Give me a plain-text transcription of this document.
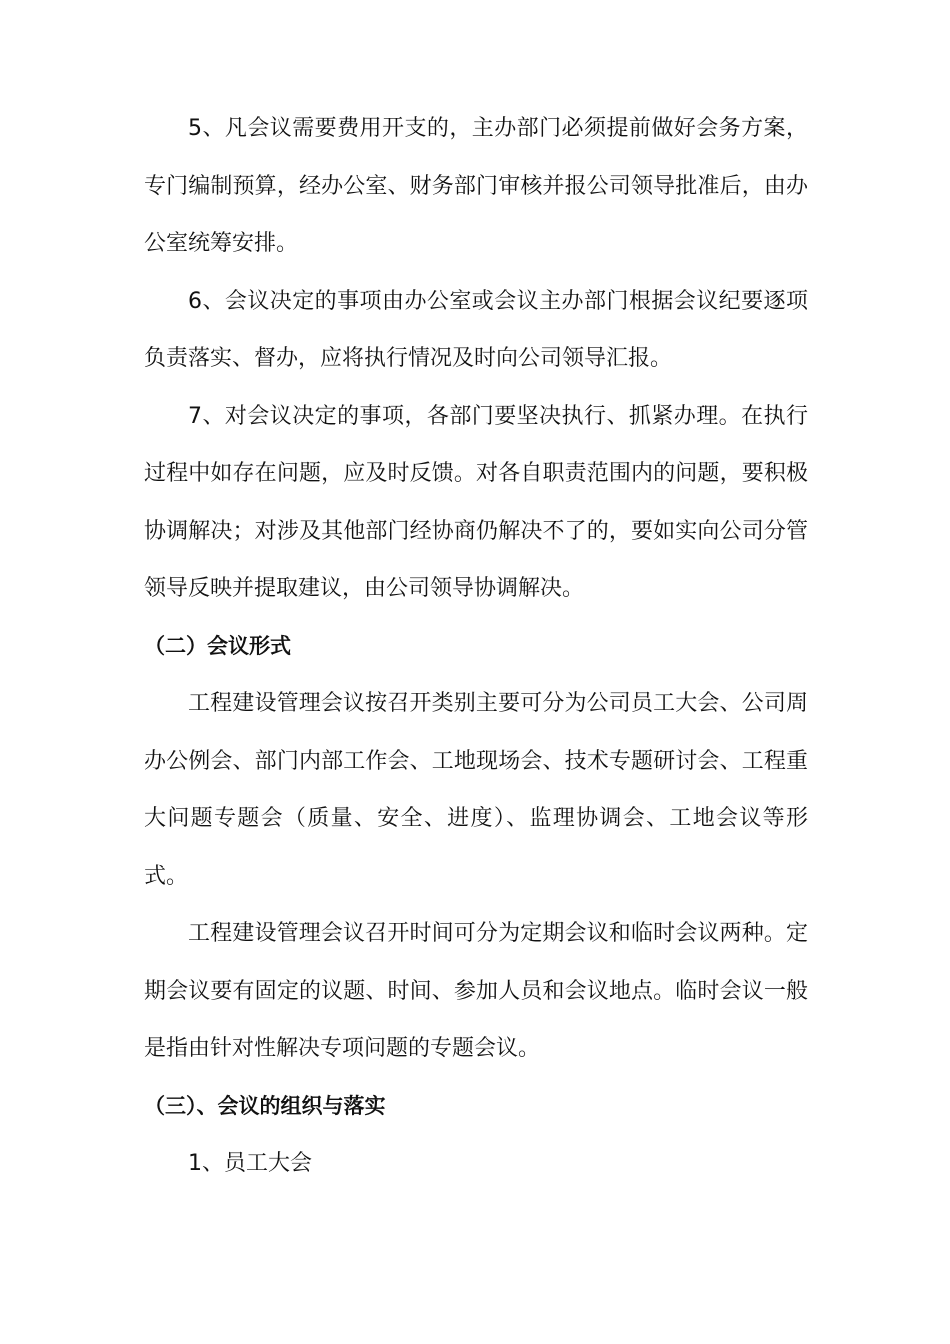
5、凡会议需要费用开支的，主办部门必须提前做好会务方案，专门编制预算，经办公室、财务部门审核并报公司领导批准后，由办公室统筹安排。

6、会议决定的事项由办公室或会议主办部门根据会议纪要逐项负责落实、督办，应将执行情况及时向公司领导汇报。

7、对会议决定的事项，各部门要坚决执行、抓紧办理。在执行过程中如存在问题，应及时反馈。对各自职责范围内的问题，要积极协调解决；对涉及其他部门经协商仍解决不了的，要如实向公司分管领导反映并提取建议，由公司领导协调解决。

（二）会议形式

工程建设管理会议按召开类别主要可分为公司员工大会、公司周办公例会、部门内部工作会、工地现场会、技术专题研讨会、工程重大问题专题会（质量、安全、进度）、监理协调会、工地会议等形式。

工程建设管理会议召开时间可分为定期会议和临时会议两种。定期会议要有固定的议题、时间、参加人员和会议地点。临时会议一般是指由针对性解决专项问题的专题会议。

（三）、会议的组织与落实

1、员工大会
